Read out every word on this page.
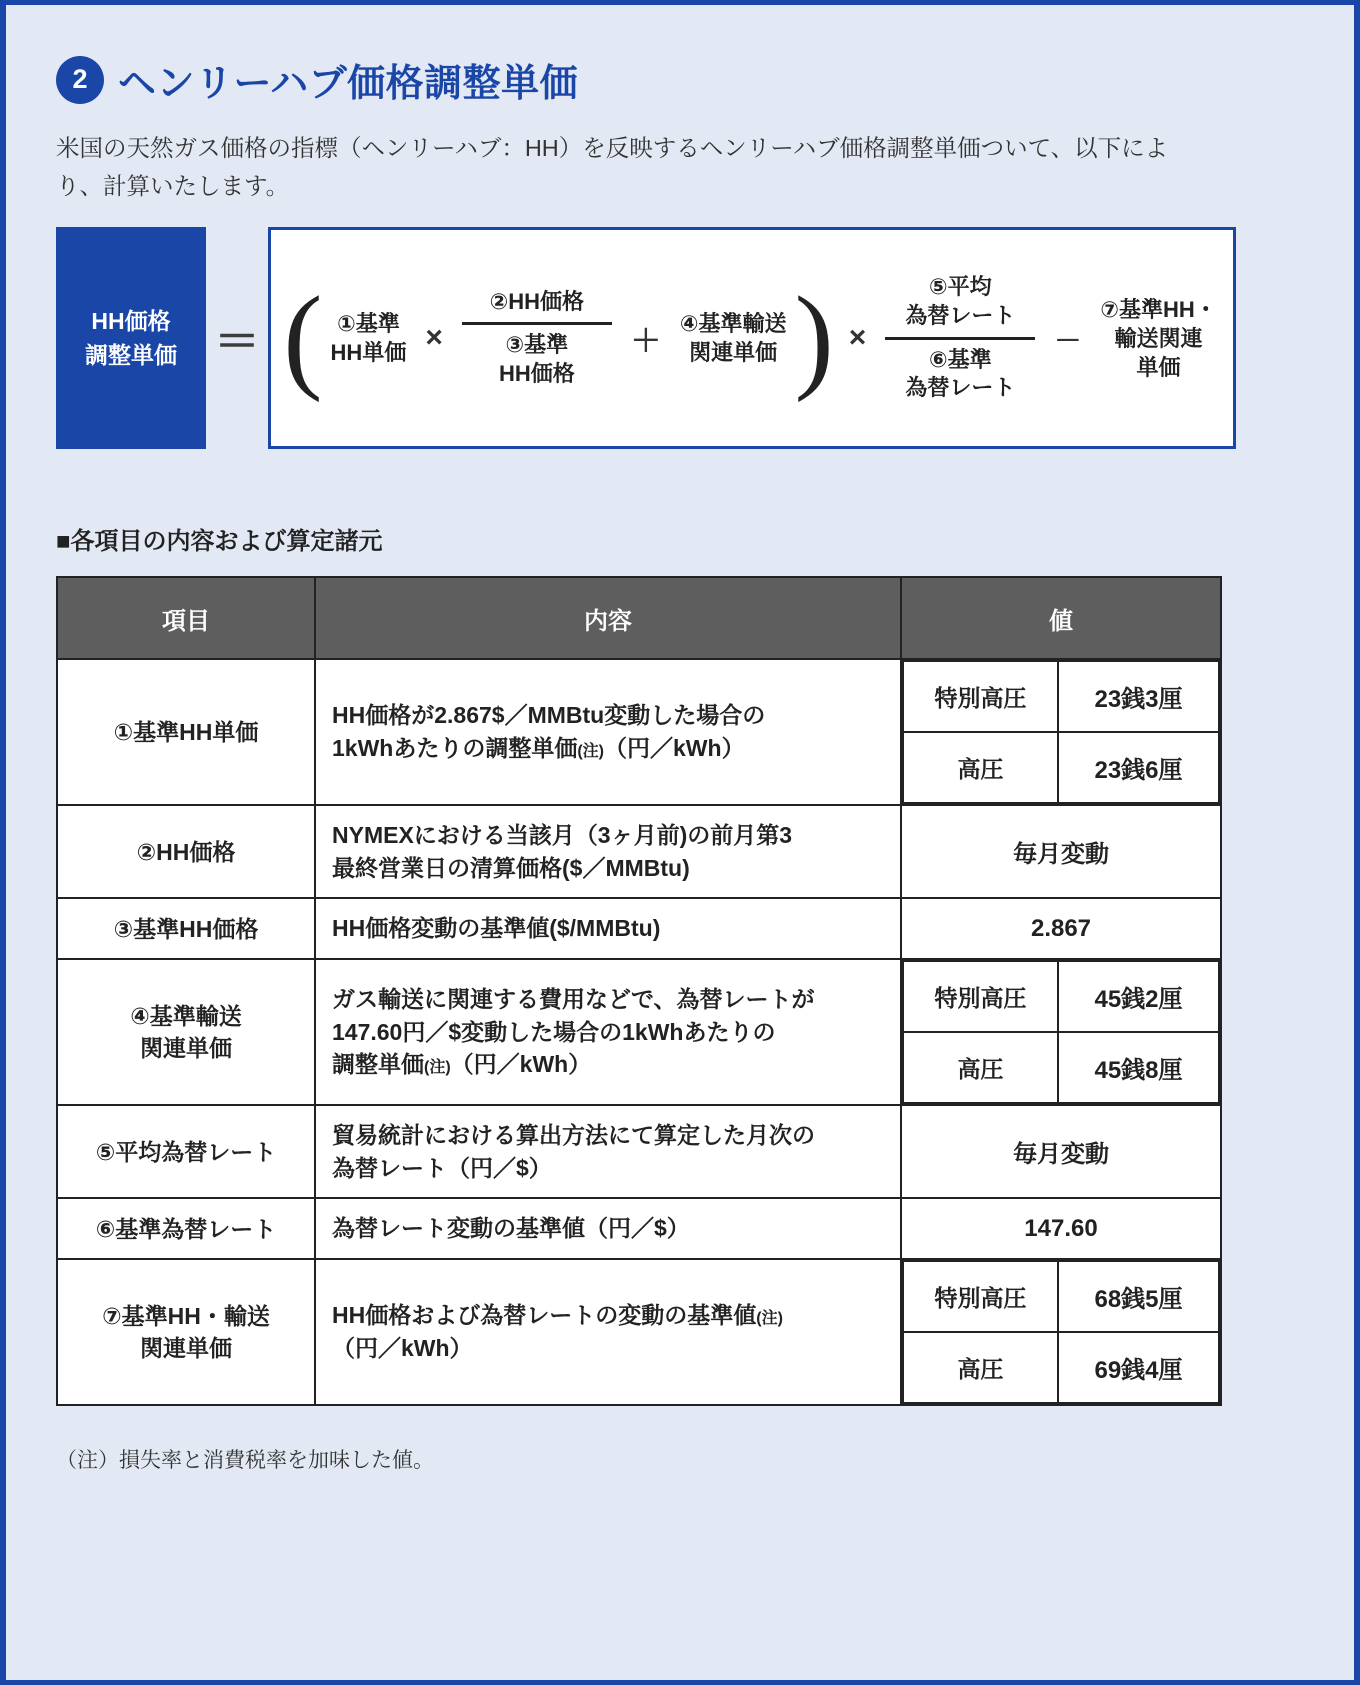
2 ヘンリーハブ価格調整単価
米国の天然ガス価格の指標（ヘンリーハブ：HH）を反映するヘンリーハブ価格調整単価ついて、以下により、計算いたします。
HH価格
調整単価 ＝ ( ①基準
HH単価 ×
②HH価格
③基準
HH価格
＋
④基準輸送
関連単価 ) ×
⑤平均
為替レート
⑥基準
為替レート
－
⑦基準HH・
輸送関連
単価
■各項目の内容および算定諸元
項目	内容	値
①基準HH単価	HH価格が2.867$／MMBtu変動した場合の
1kWhあたりの調整単価(注)（円／kWh）	
特別高圧	23銭3厘
高圧	23銭6厘

②HH価格	NYMEXにおける当該月（3ヶ月前)の前月第3
最終営業日の清算価格($／MMBtu)	毎月変動
③基準HH価格	HH価格変動の基準値($/MMBtu)	2.867
④基準輸送
関連単価
	ガス輸送に関連する費用などで、為替レートが
147.60円／$変動した場合の1kWhあたりの
調整単価(注)（円／kWh）	
特別高圧	45銭2厘
高圧	45銭8厘

⑤平均為替レート	貿易統計における算出方法にて算定した月次の
為替レート（円／$）	毎月変動
⑥基準為替レート	為替レート変動の基準値（円／$）	147.60
⑦基準HH・輸送
関連単価
	HH価格および為替レートの変動の基準値(注)
（円／kWh）	
特別高圧	68銭5厘
高圧	69銭4厘
（注）損失率と消費税率を加味した値。
